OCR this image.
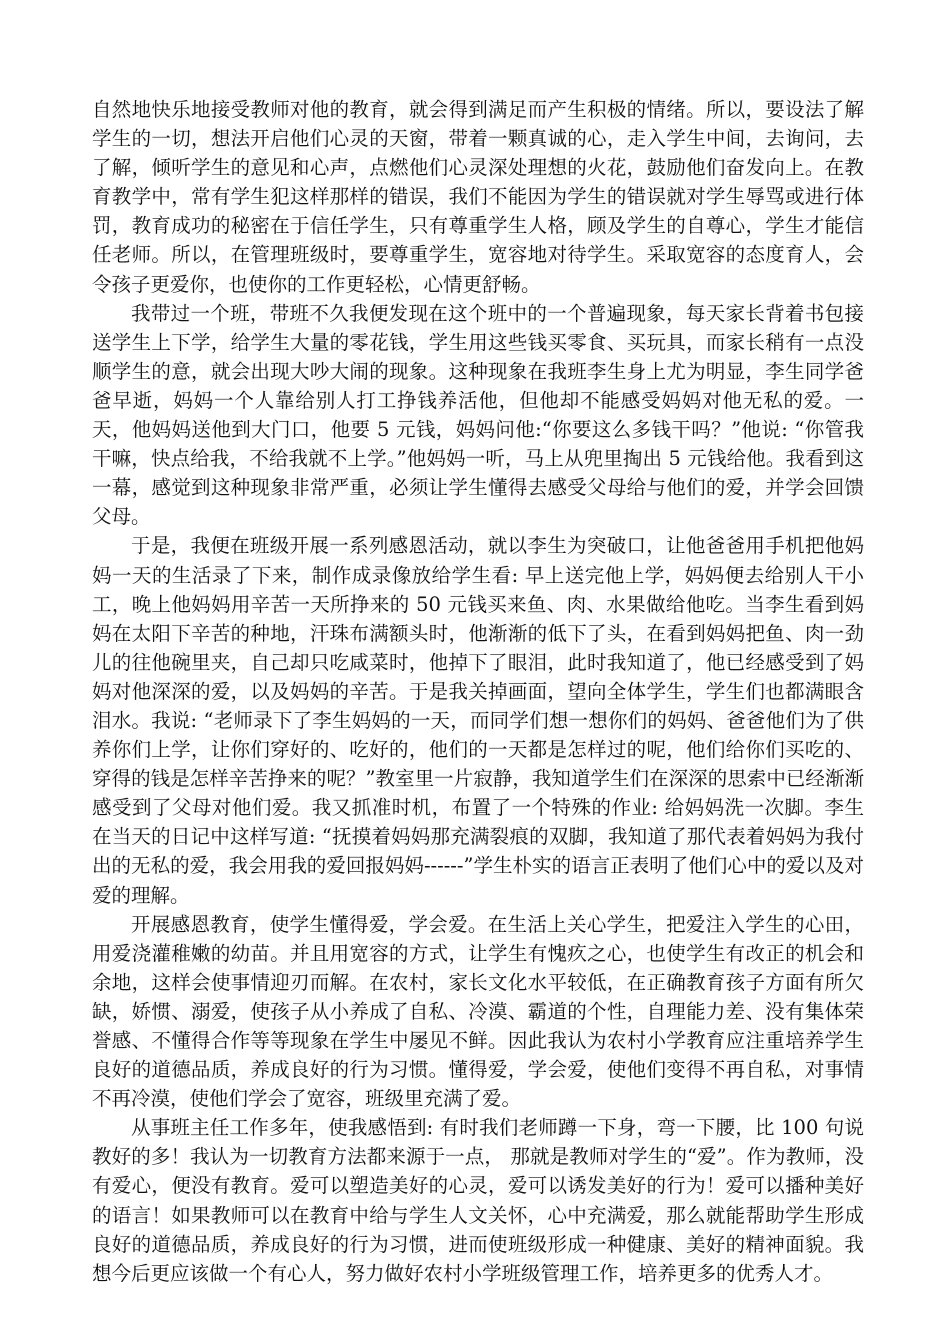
自然地快乐地接受教师对他的教育，就会得到满足而产生积极的情绪。所以，要设法了解学生的一切，想法开启他们心灵的天窗，带着一颗真诚的心，走入学生中间，去询问，去了解，倾听学生的意见和心声，点燃他们心灵深处理想的火花，鼓励他们奋发向上。在教育教学中，常有学生犯这样那样的错误，我们不能因为学生的错误就对学生辱骂或进行体罚，教育成功的秘密在于信任学生，只有尊重学生人格，顾及学生的自尊心，学生才能信任老师。所以，在管理班级时，要尊重学生，宽容地对待学生。采取宽容的态度育人，会令孩子更爱你，也使你的工作更轻松，心情更舒畅。

我带过一个班，带班不久我便发现在这个班中的一个普遍现象，每天家长背着书包接送学生上下学，给学生大量的零花钱，学生用这些钱买零食、买玩具，而家长稍有一点没顺学生的意，就会出现大吵大闹的现象。这种现象在我班李生身上尤为明显，李生同学爸爸早逝，妈妈一个人靠给别人打工挣钱养活他，但他却不能感受妈妈对他无私的爱。一天，他妈妈送他到大门口，他要 5 元钱，妈妈问他:“你要这么多钱干吗？”他说: “你管我干嘛，快点给我，不给我就不上学。”他妈妈一听，马上从兜里掏出 5 元钱给他。我看到这一幕，感觉到这种现象非常严重，必须让学生懂得去感受父母给与他们的爱，并学会回馈父母。

于是，我便在班级开展一系列感恩活动，就以李生为突破口，让他爸爸用手机把他妈妈一天的生活录了下来，制作成录像放给学生看: 早上送完他上学，妈妈便去给别人干小工，晚上他妈妈用辛苦一天所挣来的 50 元钱买来鱼、肉、水果做给他吃。当李生看到妈妈在太阳下辛苦的种地，汗珠布满额头时，他渐渐的低下了头，在看到妈妈把鱼、肉一劲儿的往他碗里夹，自己却只吃咸菜时，他掉下了眼泪，此时我知道了，他已经感受到了妈妈对他深深的爱，以及妈妈的辛苦。于是我关掉画面，望向全体学生，学生们也都满眼含泪水。我说: “老师录下了李生妈妈的一天，而同学们想一想你们的妈妈、爸爸他们为了供养你们上学，让你们穿好的、吃好的，他们的一天都是怎样过的呢，他们给你们买吃的、穿得的钱是怎样辛苦挣来的呢？”教室里一片寂静，我知道学生们在深深的思索中已经渐渐感受到了父母对他们爱。我又抓准时机，布置了一个特殊的作业: 给妈妈洗一次脚。李生在当天的日记中这样写道: “抚摸着妈妈那充满裂痕的双脚，我知道了那代表着妈妈为我付出的无私的爱，我会用我的爱回报妈妈------”学生朴实的语言正表明了他们心中的爱以及对爱的理解。

开展感恩教育，使学生懂得爱，学会爱。在生活上关心学生，把爱注入学生的心田，用爱浇灌稚嫩的幼苗。并且用宽容的方式，让学生有愧疚之心，也使学生有改正的机会和余地，这样会使事情迎刃而解。在农村，家长文化水平较低，在正确教育孩子方面有所欠缺，娇惯、溺爱，使孩子从小养成了自私、冷漠、霸道的个性，自理能力差、没有集体荣誉感、不懂得合作等等现象在学生中屡见不鲜。因此我认为农村小学教育应注重培养学生良好的道德品质，养成良好的行为习惯。懂得爱，学会爱，使他们变得不再自私，对事情不再冷漠，使他们学会了宽容，班级里充满了爱。

从事班主任工作多年，使我感悟到: 有时我们老师蹲一下身，弯一下腰，比 100 句说教好的多！我认为一切教育方法都来源于一点， 那就是教师对学生的“爱”。作为教师，没有爱心，便没有教育。爱可以塑造美好的心灵，爱可以诱发美好的行为！爱可以播种美好的语言！如果教师可以在教育中给与学生人文关怀，心中充满爱，那么就能帮助学生形成良好的道德品质，养成良好的行为习惯，进而使班级形成一种健康、美好的精神面貌。我想今后更应该做一个有心人，努力做好农村小学班级管理工作，培养更多的优秀人才。
